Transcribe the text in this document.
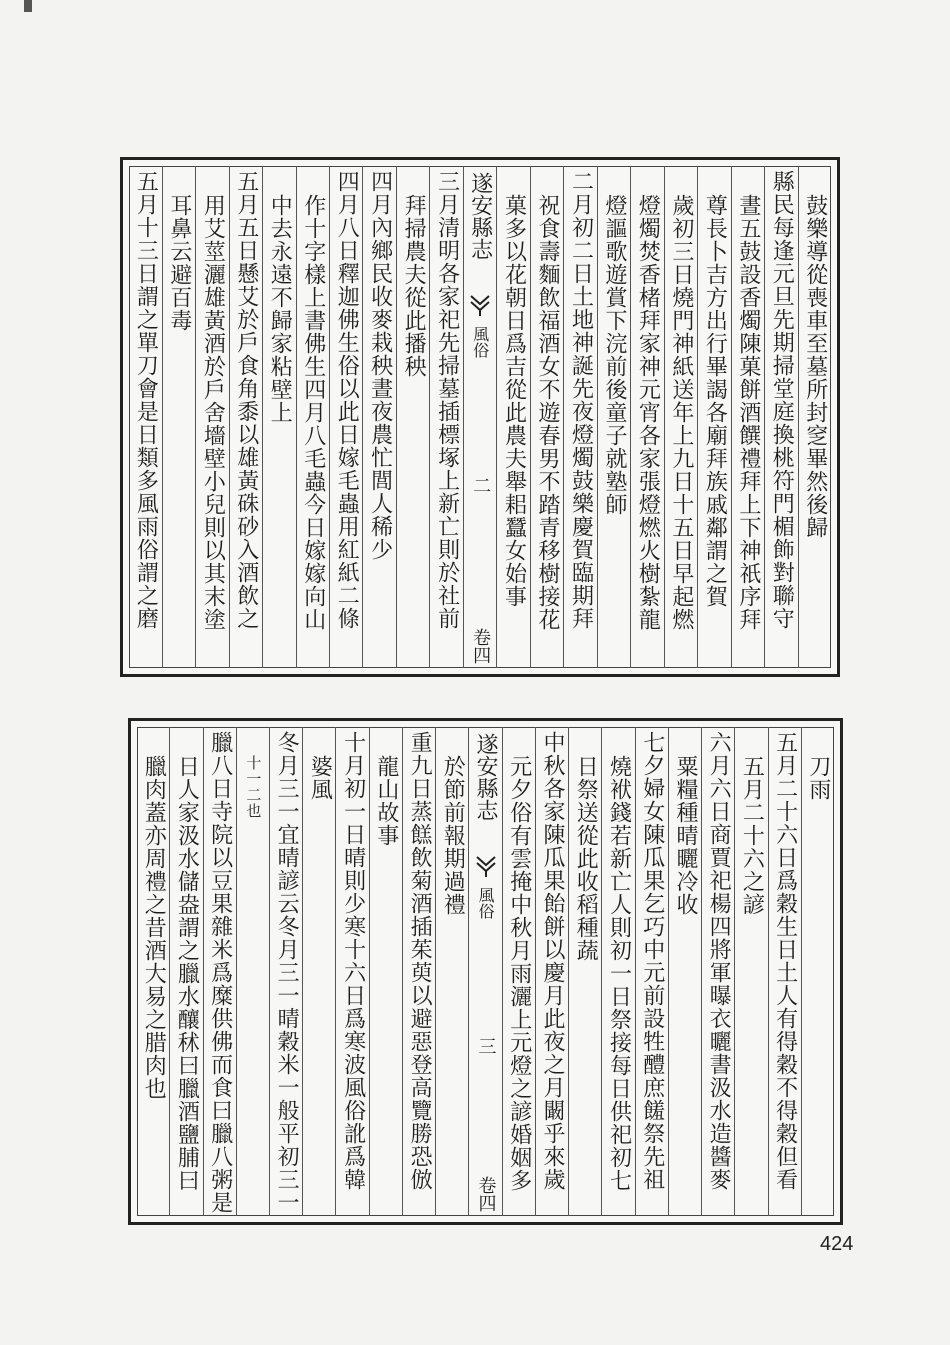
鼓樂導從喪車至墓所封窆畢然後歸
縣民每逢元旦先期掃堂庭換桃符門楣飾對聯守
晝五鼓設香燭陳菓餅酒饌禮拜上下神祇序拜
尊長卜吉方出行畢謁各廟拜族戚鄰謂之賀
歲初三日燒門神紙送年上九日十五日早起燃
燈燭焚香楮拜家神元宵各家張燈燃火樹紮龍
燈謳歌遊賞下浣前後童子就塾師
二月初二日土地神誕先夜燈燭鼓樂慶賀臨期拜
祝食壽麵飲福酒女不遊春男不踏青移樹接花
菓多以花朝日爲吉從此農夫舉耜蠶女始事
遂安縣志
風俗
二
卷四
三月清明各家祀先掃墓插標塚上新亡則於社前
拜掃農夫從此播秧
四月內鄉民收麥栽秧晝夜農忙閭人稀少
四月八日釋迦佛生俗以此日嫁毛蟲用紅紙二條
作十字樣上書佛生四月八毛蟲今日嫁嫁向山
中去永遠不歸家粘壁上
五月五日懸艾於戶食角黍以雄黃硃砂入酒飲之
用艾莖灑雄黃酒於戶舍墻壁小兒則以其末塗
耳鼻云避百毒
五月十三日謂之單刀會是日類多風雨俗謂之磨
刀雨
五月二十六日爲穀生日土人有得穀不得穀但看
五月二十六之諺
六月六日商賈祀楊四將軍曝衣曬書汲水造醬麥
粟糧種晴曬冷收
七夕婦女陳瓜果乞巧中元前設牲醴庶饈祭先祖
燒袱錢若新亡人則初一日祭接每日供祀初七
日祭送從此收稻種蔬
中秋各家陳瓜果飴餅以慶月此夜之月闞乎來歲
元夕俗有雲掩中秋月雨灑上元燈之諺婚姻多
遂安縣志
風俗
三
卷四
於節前報期過禮
重九日蒸餻飲菊酒插茱萸以避惡登高覽勝恐倣
龍山故事
十月初一日晴則少寒十六日爲寒波風俗訛爲韓
婆風
冬月三一宜晴諺云冬月三一晴穀米一般平初三一
十一二也
臘八日寺院以豆果雜米爲糜供佛而食曰臘八粥是
日人家汲水儲盎謂之臘水釀秫曰臘酒鹽脯曰
臘肉蓋亦周禮之昔酒大易之腊肉也
424
